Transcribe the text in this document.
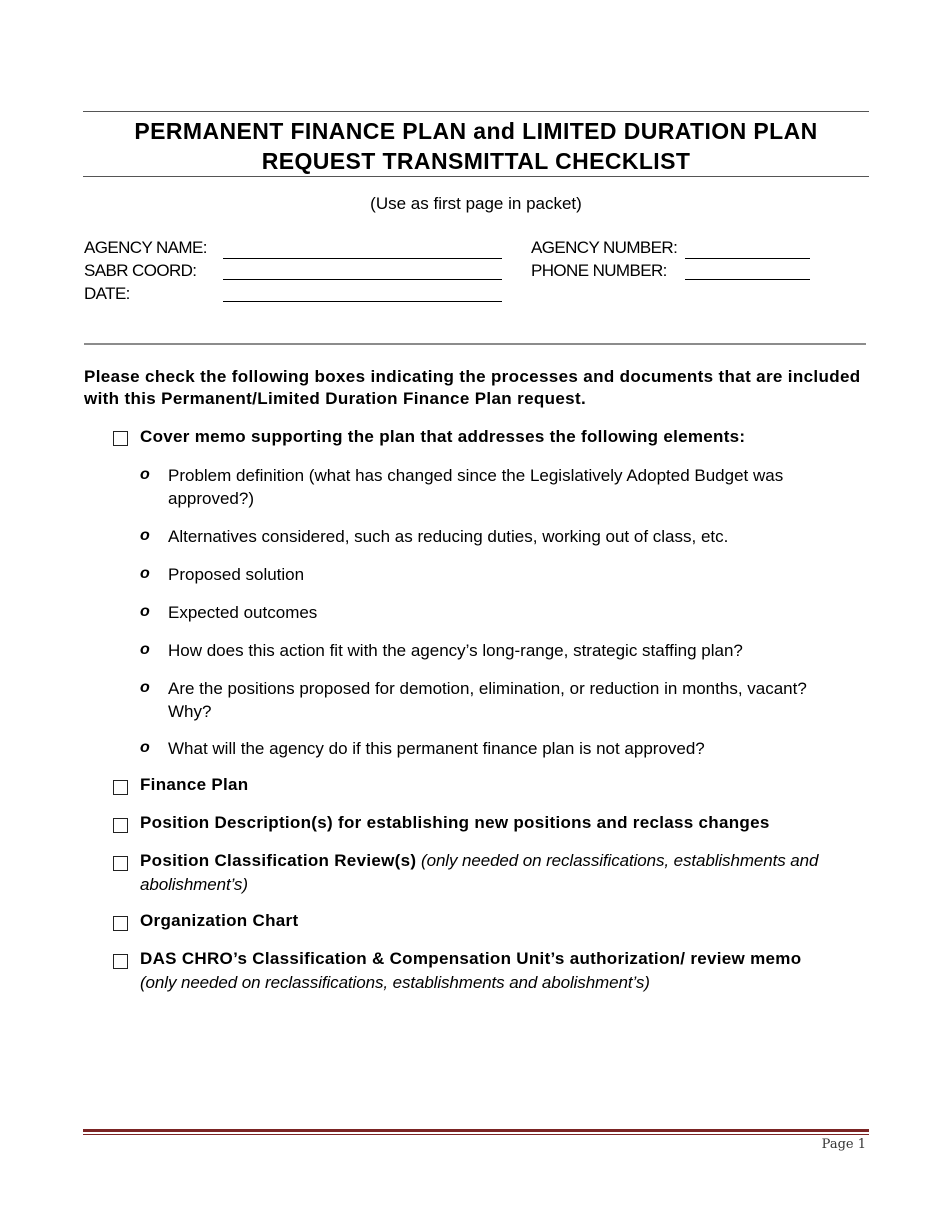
PERMANENT FINANCE PLAN and LIMITED DURATION PLAN
REQUEST TRANSMITTAL CHECKLIST
(Use as first page in packet)
AGENCY NAME:
SABR COORD:
DATE:
AGENCY NUMBER:
PHONE NUMBER:
Please check the following boxes indicating the processes and documents that are included with this Permanent/Limited Duration Finance Plan request.
Cover memo supporting the plan that addresses the following elements:
o Problem definition (what has changed since the Legislatively Adopted Budget was approved?)
o Alternatives considered, such as reducing duties, working out of class, etc.
o Proposed solution
o Expected outcomes
o How does this action fit with the agency’s long-range, strategic staffing plan?
o Are the positions proposed for demotion, elimination, or reduction in months, vacant? Why?
o What will the agency do if this permanent finance plan is not approved?
Finance Plan
Position Description(s) for establishing new positions and reclass changes
Position Classification Review(s) (only needed on reclassifications, establishments and abolishment’s)
Organization Chart
DAS CHRO’s Classification & Compensation Unit’s authorization/ review memo (only needed on reclassifications, establishments and abolishment’s)
Page 1
